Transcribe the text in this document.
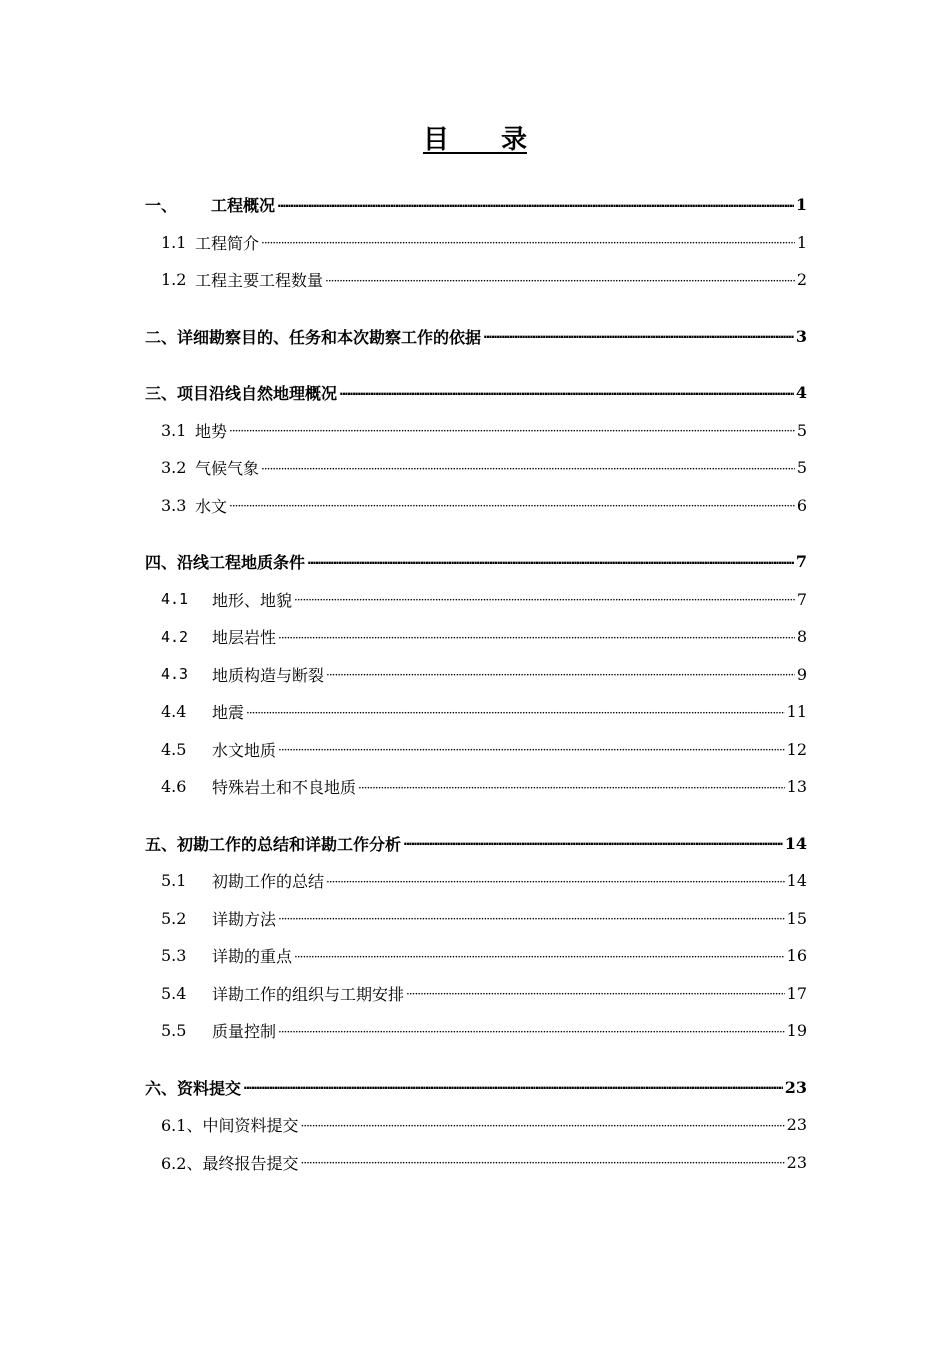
目　　录
一、	工程概况 ·····	1
1.1 工程简介 ·····	1
1.2 工程主要工程数量 ·····	2
二、 详细勘察目的、任务和本次勘察工作的依据 ·····	3
三、 项目沿线自然地理概况 ·····	4
3.1 地势 ·····	5
3.2 气候气象 ·····	5
3.3 水文 ·····	6
四、 沿线工程地质条件 ·····	7
4.1	地形、地貌 ·····	7
4.2	地层岩性 ·····	8
4.3	地质构造与断裂 ·····	9
4.4	地震 ·····	11
4.5	水文地质 ·····	12
4.6	特殊岩土和不良地质 ·····	13
五、 初勘工作的总结和详勘工作分析 ·····	14
5.1	初勘工作的总结 ·····	14
5.2	详勘方法 ·····	15
5.3	详勘的重点 ·····	16
5.4	详勘工作的组织与工期安排 ·····	17
5.5	质量控制 ·····	19
六、 资料提交 ·····	23
6.1、 中间资料提交 ·····	23
6.2、 最终报告提交 ·····	23
